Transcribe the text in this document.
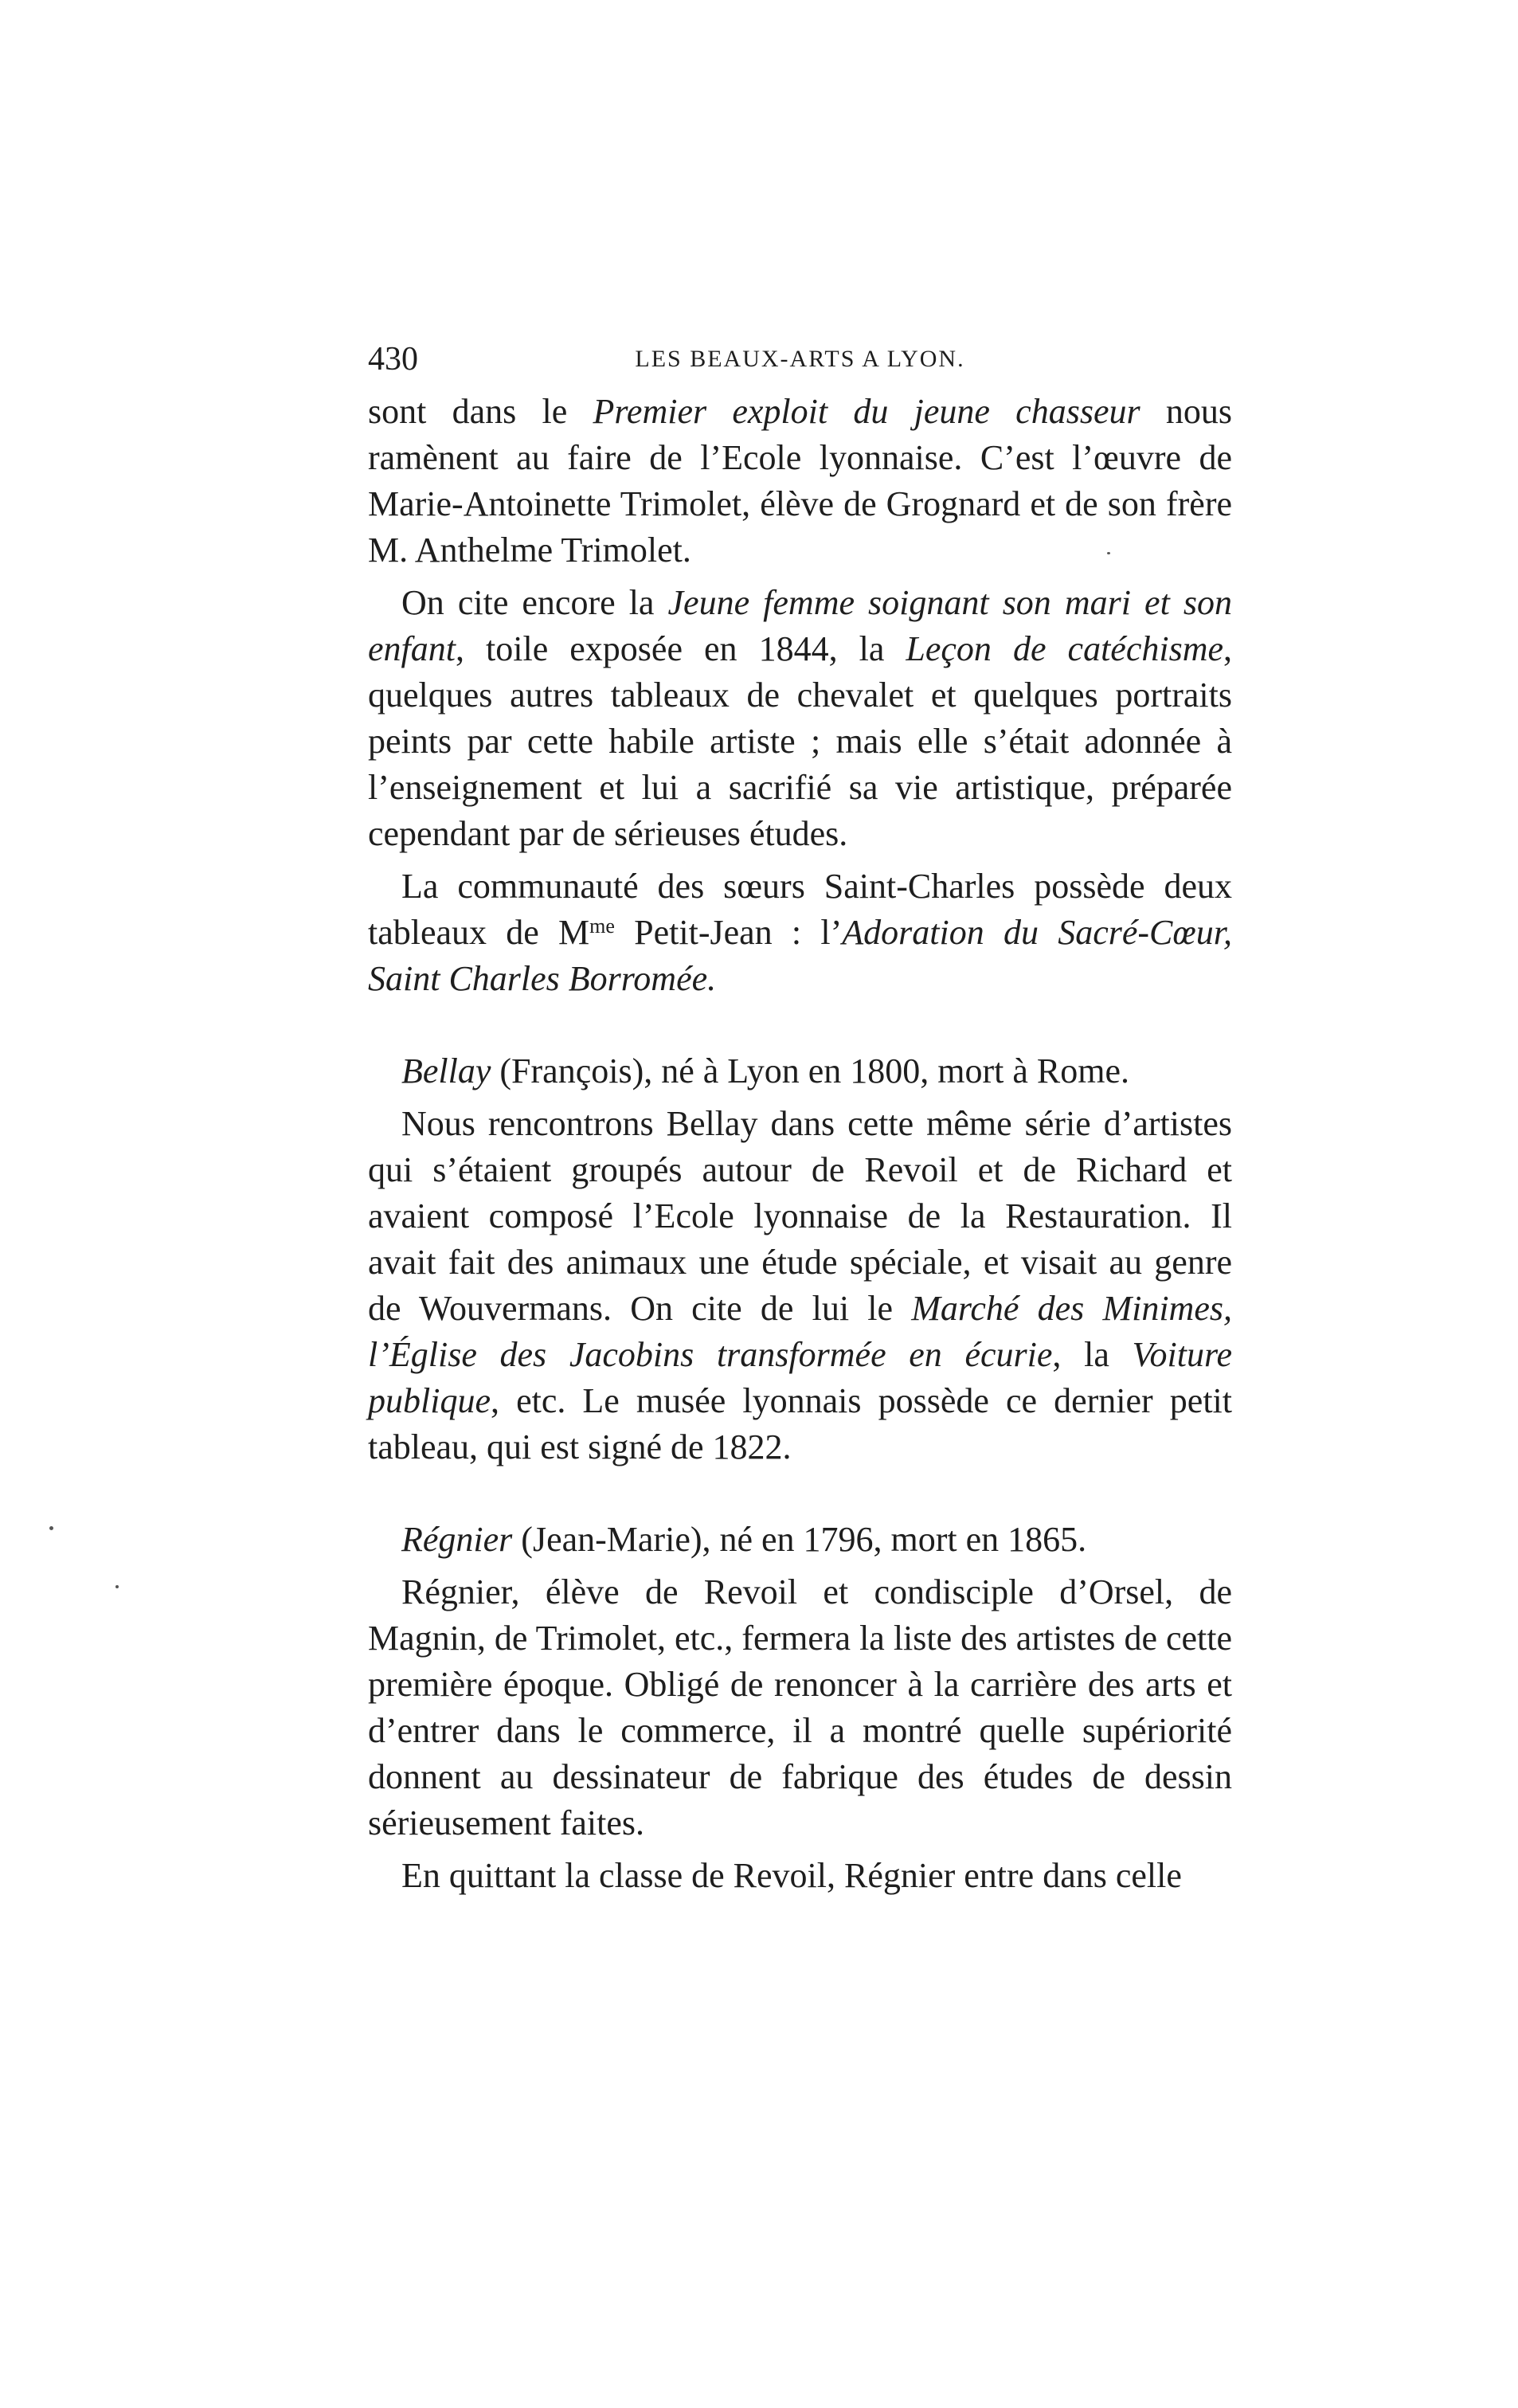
430	LES BEAUX-ARTS A LYON.

sont dans le Premier exploit du jeune chasseur nous ramènent au faire de l’Ecole lyonnaise. C’est l’œuvre de Marie-Antoinette Trimolet, élève de Grognard et de son frère M. Anthelme Trimolet.

On cite encore la Jeune femme soignant son mari et son enfant, toile exposée en 1844, la Leçon de catéchisme, quelques autres tableaux de chevalet et quelques portraits peints par cette habile artiste ; mais elle s’était adonnée à l’enseignement et lui a sacrifié sa vie artistique, préparée cependant par de sérieuses études.

La communauté des sœurs Saint-Charles possède deux tableaux de $M^{me}$ Petit-Jean : l’Adoration du Sacré-Cœur, Saint Charles Borromée.

Bellay (François), né à Lyon en 1800, mort à Rome.

Nous rencontrons Bellay dans cette même série d’artistes qui s’étaient groupés autour de Revoil et de Richard et avaient composé l’Ecole lyonnaise de la Restauration. Il avait fait des animaux une étude spéciale, et visait au genre de Wouvermans. On cite de lui le Marché des Minimes, l’Église des Jacobins transformée en écurie, la Voiture publique, etc. Le musée lyonnais possède ce dernier petit tableau, qui est signé de 1822.

Régnier (Jean-Marie), né en 1796, mort en 1865.

Régnier, élève de Revoil et condisciple d’Orsel, de Magnin, de Trimolet, etc., fermera la liste des artistes de cette première époque. Obligé de renoncer à la carrière des arts et d’entrer dans le commerce, il a montré quelle supériorité donnent au dessinateur de fabrique des études de dessin sérieusement faites.

En quittant la classe de Revoil, Régnier entre dans celle
